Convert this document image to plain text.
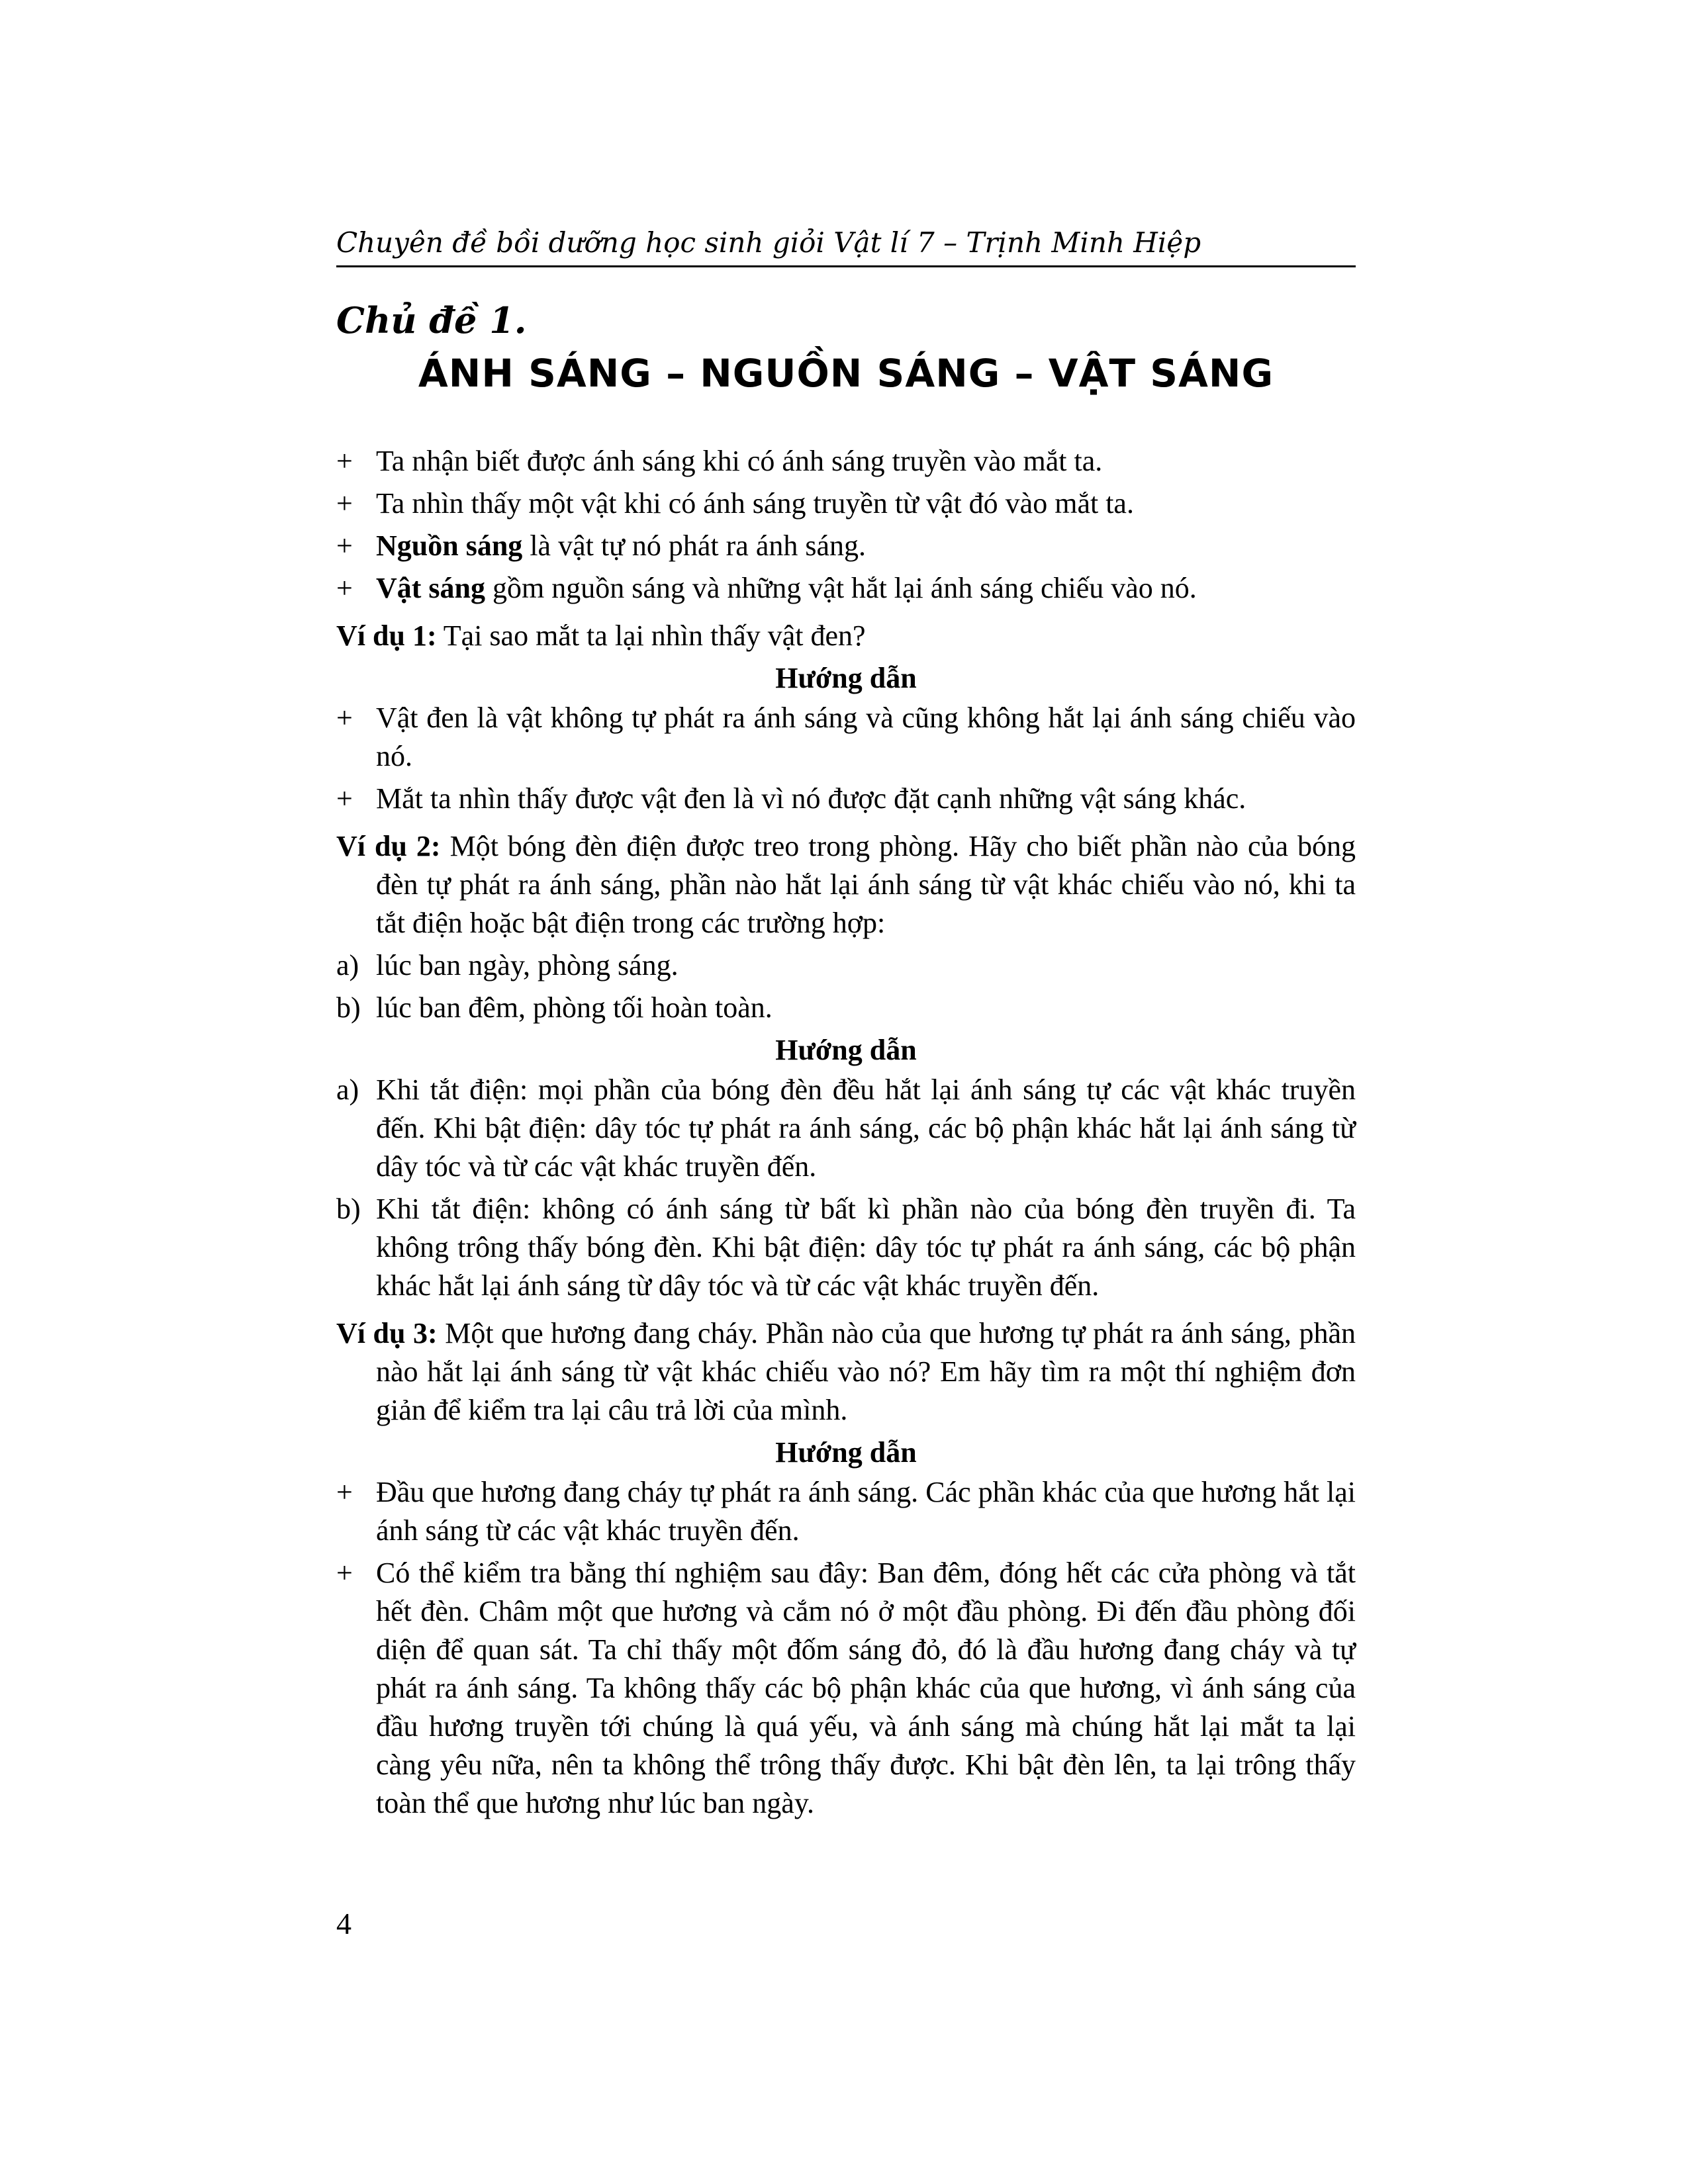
Chuyên đề bồi dưỡng học sinh giỏi Vật lí 7 – Trịnh Minh Hiệp
Chủ đề 1.
ÁNH SÁNG – NGUỒN SÁNG – VẬT SÁNG
+ Ta nhận biết được ánh sáng khi có ánh sáng truyền vào mắt ta.
+ Ta nhìn thấy một vật khi có ánh sáng truyền từ vật đó vào mắt ta.
+ Nguồn sáng là vật tự nó phát ra ánh sáng.
+ Vật sáng gồm nguồn sáng và những vật hắt lại ánh sáng chiếu vào nó.
Ví dụ 1: Tại sao mắt ta lại nhìn thấy vật đen?
Hướng dẫn
+ Vật đen là vật không tự phát ra ánh sáng và cũng không hắt lại ánh sáng chiếu vào nó.
+ Mắt ta nhìn thấy được vật đen là vì nó được đặt cạnh những vật sáng khác.
Ví dụ 2: Một bóng đèn điện được treo trong phòng. Hãy cho biết phần nào của bóng đèn tự phát ra ánh sáng, phần nào hắt lại ánh sáng từ vật khác chiếu vào nó, khi ta tắt điện hoặc bật điện trong các trường hợp:
a) lúc ban ngày, phòng sáng.
b) lúc ban đêm, phòng tối hoàn toàn.
Hướng dẫn
a) Khi tắt điện: mọi phần của bóng đèn đều hắt lại ánh sáng tự các vật khác truyền đến. Khi bật điện: dây tóc tự phát ra ánh sáng, các bộ phận khác hắt lại ánh sáng từ dây tóc và từ các vật khác truyền đến.
b) Khi tắt điện: không có ánh sáng từ bất kì phần nào của bóng đèn truyền đi. Ta không trông thấy bóng đèn. Khi bật điện: dây tóc tự phát ra ánh sáng, các bộ phận khác hắt lại ánh sáng từ dây tóc và từ các vật khác truyền đến.
Ví dụ 3: Một que hương đang cháy. Phần nào của que hương tự phát ra ánh sáng, phần nào hắt lại ánh sáng từ vật khác chiếu vào nó? Em hãy tìm ra một thí nghiệm đơn giản để kiểm tra lại câu trả lời của mình.
Hướng dẫn
+ Đầu que hương đang cháy tự phát ra ánh sáng. Các phần khác của que hương hắt lại ánh sáng từ các vật khác truyền đến.
+ Có thể kiểm tra bằng thí nghiệm sau đây: Ban đêm, đóng hết các cửa phòng và tắt hết đèn. Châm một que hương và cắm nó ở một đầu phòng. Đi đến đầu phòng đối diện để quan sát. Ta chỉ thấy một đốm sáng đỏ, đó là đầu hương đang cháy và tự phát ra ánh sáng. Ta không thấy các bộ phận khác của que hương, vì ánh sáng của đầu hương truyền tới chúng là quá yếu, và ánh sáng mà chúng hắt lại mắt ta lại càng yêu nữa, nên ta không thể trông thấy được. Khi bật đèn lên, ta lại trông thấy toàn thể que hương như lúc ban ngày.
4
